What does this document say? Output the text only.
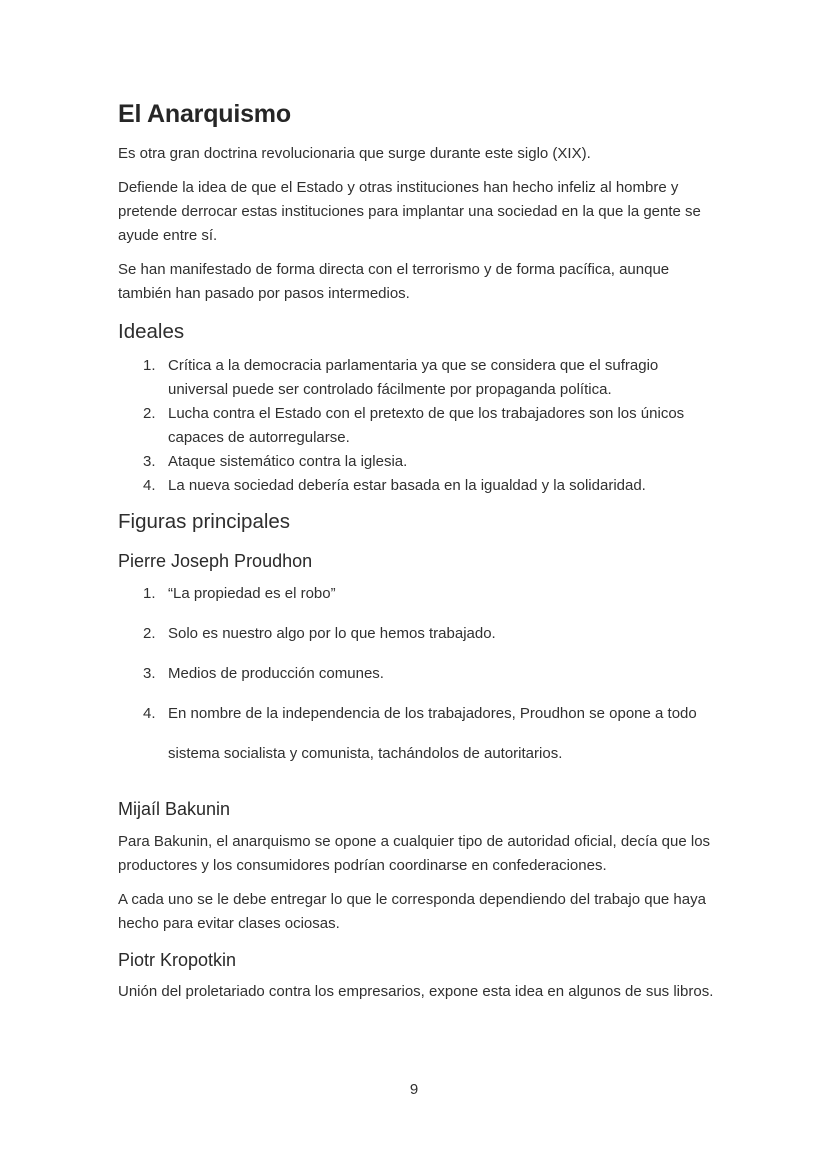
El Anarquismo

Es otra gran doctrina revolucionaria que surge durante este siglo (XIX).

Defiende la idea de que el Estado y otras instituciones han hecho infeliz al hombre y pretende derrocar estas instituciones para implantar una sociedad en la que la gente se ayude entre sí.

Se han manifestado de forma directa con el terrorismo y de forma pacífica, aunque también han pasado por pasos intermedios.

Ideales
1. Crítica a la democracia parlamentaria ya que se considera que el sufragio universal puede ser controlado fácilmente por propaganda política.
2. Lucha contra el Estado con el pretexto de que los trabajadores son los únicos capaces de autorregularse.
3. Ataque sistemático contra la iglesia.
4. La nueva sociedad debería estar basada en la igualdad y la solidaridad.
Figuras principales
Pierre Joseph Proudhon
1. “La propiedad es el robo”
2. Solo es nuestro algo por lo que hemos trabajado.
3. Medios de producción comunes.
4. En nombre de la independencia de los trabajadores, Proudhon se opone a todo sistema socialista y comunista, tachándolos de autoritarios.
Mijaíl Bakunin

Para Bakunin, el anarquismo se opone a cualquier tipo de autoridad oficial, decía que los productores y los consumidores podrían coordinarse en confederaciones.

A cada uno se le debe entregar lo que le corresponda dependiendo del trabajo que haya hecho para evitar clases ociosas.

Piotr Kropotkin

Unión del proletariado contra los empresarios, expone esta idea en algunos de sus libros.

9
